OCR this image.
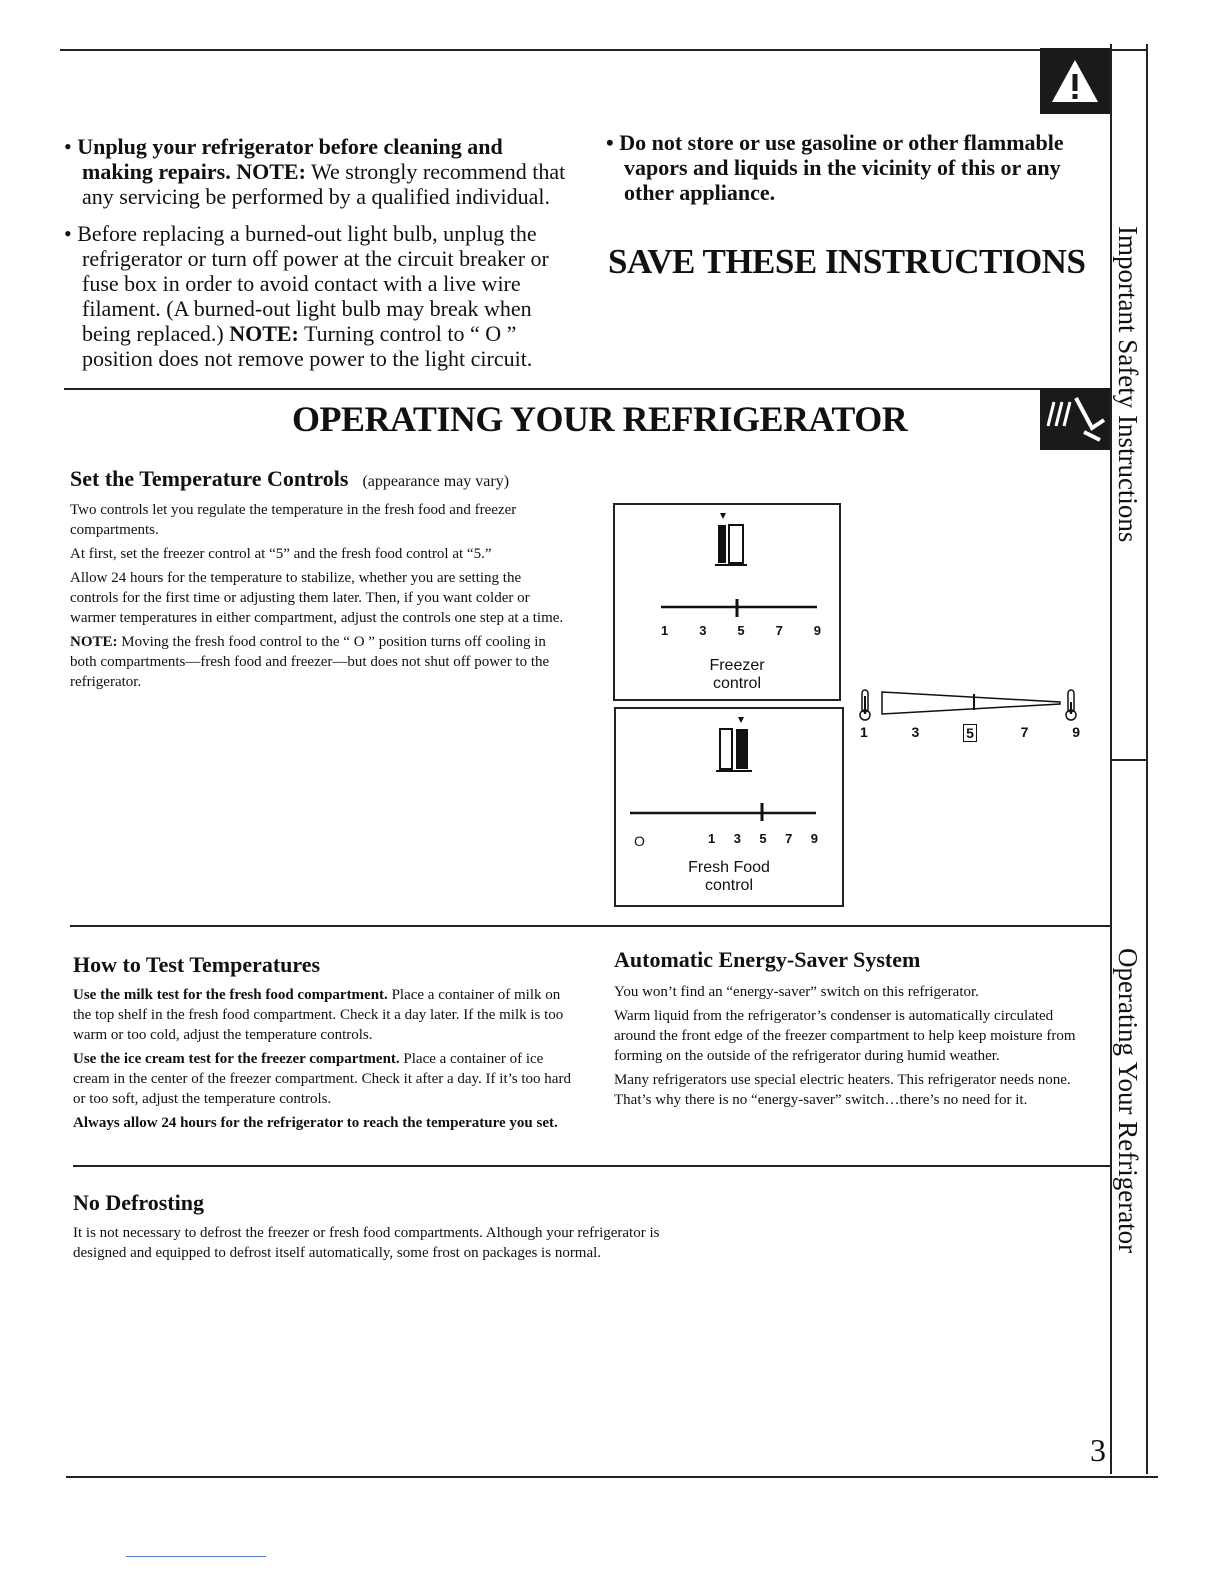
• Unplug your refrigerator before cleaning and making repairs. NOTE: We strongly recommend that any servicing be performed by a qualified individual.

• Before replacing a burned-out light bulb, unplug the refrigerator or turn off power at the circuit breaker or fuse box in order to avoid contact with a live wire filament. (A burned-out light bulb may break when being replaced.) NOTE: Turning control to “ O ” position does not remove power to the light circuit.

• Do not store or use gasoline or other flammable vapors and liquids in the vicinity of this or any other appliance.

SAVE THESE INSTRUCTIONS
OPERATING YOUR REFRIGERATOR
Set the Temperature Controls (appearance may vary)

Two controls let you regulate the temperature in the fresh food and freezer compartments.

At first, set the freezer control at “5” and the fresh food control at “5.”

Allow 24 hours for the temperature to stabilize, whether you are setting the controls for the first time or adjusting them later. Then, if you want colder or warmer temperatures in either compartment, adjust the controls one step at a time.

NOTE: Moving the fresh food control to the “ O ” position turns off cooling in both compartments—fresh food and freezer—but does not shut off power to the refrigerator.

1 3 5 7 9
Freezer
control
O	1 3 5 7 9
Fresh Food
control
1	3	5	7	9
How to Test Temperatures

Use the milk test for the fresh food compartment. Place a container of milk on the top shelf in the fresh food compartment. Check it a day later. If the milk is too warm or too cold, adjust the temperature controls.

Use the ice cream test for the freezer compartment. Place a container of ice cream in the center of the freezer compartment. Check it after a day. If it’s too hard or too soft, adjust the temperature controls.

Always allow 24 hours for the refrigerator to reach the temperature you set.

Automatic Energy-Saver System

You won’t find an “energy-saver” switch on this refrigerator.

Warm liquid from the refrigerator’s condenser is automatically circulated around the front edge of the freezer compartment to help keep moisture from forming on the outside of the refrigerator during humid weather.

Many refrigerators use special electric heaters. This refrigerator needs none. That’s why there is no “energy-saver” switch…there’s no need for it.

No Defrosting
It is not necessary to defrost the freezer or fresh food compartments. Although your refrigerator is designed and equipped to defrost itself automatically, some frost on packages is normal.
Important Safety Instructions
Operating Your Refrigerator
3
